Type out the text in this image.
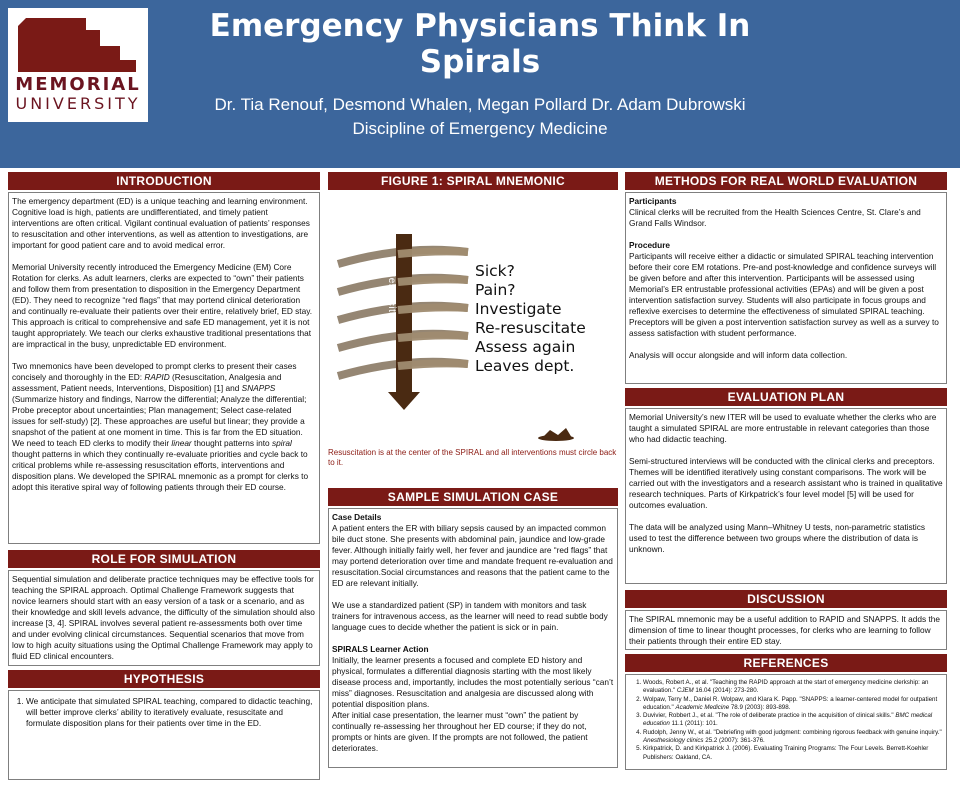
MEMORIAL
UNIVERSITY
Emergency Physicians Think In Spirals
Dr. Tia Renouf, Desmond Whalen, Megan Pollard Dr. Adam Dubrowski
Discipline of Emergency Medicine
INTRODUCTION

The emergency department (ED) is a unique teaching and learning environment. Cognitive load is high, patients are undifferentiated, and timely patient interventions are often critical. Vigilant continual evaluation of patients’ responses to resuscitation and other interventions, as well as attention to investigations, are important for good patient care and to avoid medical error.

Memorial University recently introduced the Emergency Medicine (EM) Core Rotation for clerks. As adult learners, clerks are expected to “own” their patients and follow them from presentation to disposition in the Emergency Department (ED). They need to recognize “red flags” that may portend clinical deterioration and continually re-evaluate their patients over their entire, relatively brief, ED stay. This approach is critical to comprehensive and safe ED management, yet it is not taught appropriately. We teach our clerks exhaustive traditional presentations that are impractical in the busy, unpredictable ED environment.

Two mnemonics have been developed to prompt clerks to present their cases concisely and thoroughly in the ED: RAPID (Resuscitation, Analgesia and assessment, Patient needs, Interventions, Disposition) [1] and SNAPPS (Summarize history and findings, Narrow the differential; Analyze the differential; Probe preceptor about uncertainties; Plan management; Select case-related issues for self-study) [2]. These approaches are useful but linear; they provide a snapshot of the patient at one moment in time. This is far from the ED situation. We need to teach ED clerks to modify their linear thought patterns into spiral thought patterns in which they continually re-evaluate priorities and cycle back to critical problems while re-assessing resuscitation efforts, interventions and disposition plans. We developed the SPIRAL mnemonic as a prompt for clerks to adopt this iterative spiral way of following patients through their ED course.

ROLE FOR SIMULATION

Sequential simulation and deliberate practice techniques may be effective tools for teaching the SPIRAL approach. Optimal Challenge Framework suggests that novice learners should start with an easy version of a task or a scenario, and as their knowledge and skill levels advance, the difficulty of the simulation should also increase [3, 4]. SPIRAL involves several patient re-assessments both over time and under evolving clinical circumstances. Sequential scenarios that move from low to high acuity situations using the Optimal Challenge Framework may apply to fluid ED clinical encounters.

HYPOTHESIS
1. We anticipate that simulated SPIRAL teaching, compared to didactic teaching, will better improve clerks’ ability to iteratively evaluate, resuscitate and formulate disposition plans for their patients over time in the ED.
FIGURE 1: SPIRAL MNEMONIC
Resuscitate	Sick?
Pain?
Investigate
Re-resuscitate
Assess again
Leaves dept.
Resuscitation is at the center of the SPIRAL and all interventions must circle back to it.
SAMPLE SIMULATION CASE

Case Details

A patient enters the ER with biliary sepsis caused by an impacted common bile duct stone. She presents with abdominal pain, jaundice and low-grade fever. Although initially fairly well, her fever and jaundice are “red flags” that may portend deterioration over time and mandate frequent re-evaluation and resuscitation.Social circumstances and reasons that the patient came to the ED are relevant initially.

We use a standardized patient (SP) in tandem with monitors and task trainers for intravenous access, as the learner will need to read subtle body language cues to decide whether the patient is sick or in pain.

SPIRALS Learner Action

Initially, the learner presents a focused and complete ED history and physical, formulates a differential diagnosis starting with the most likely disease process and, importantly, includes the most potentially serious “can’t miss” diagnoses. Resuscitation and analgesia are discussed along with potential disposition plans.

After initial case presentation, the learner must “own” the patient by continually re-assessing her throughout her ED course; if they do not, prompts or hints are given. If the prompts are not followed, the patient deteriorates.

METHODS FOR REAL WORLD EVALUATION

Participants

Clinical clerks will be recruited from the Health Sciences Centre, St. Clare’s and Grand Falls Windsor.

Procedure

Participants will receive either a didactic or simulated SPIRAL teaching intervention before their core EM rotations. Pre-and post-knowledge and confidence surveys will be given before and after this intervention. Participants will be assessed using Memorial’s ER entrustable professional activities (EPAs) and will be given a post intervention satisfaction survey. Students will also participate in focus groups and reflexive exercises to determine the effectiveness of simulated SPIRAL teaching.

Preceptors will be given a post intervention satisfaction survey as well as a survey to assess satisfaction with student performance.

Analysis will occur alongside and will inform data collection.

EVALUATION PLAN

Memorial University’s new ITER will be used to evaluate whether the clerks who are taught a simulated SPIRAL are more entrustable in relevant categories than those who had didactic teaching.

Semi-structured interviews will be conducted with the clinical clerks and preceptors. Themes will be identified iteratively using constant comparisons. The work will be carried out with the investigators and a research assistant who is trained in qualitative research techniques. Parts of Kirkpatrick’s four level model [5] will be used for outcomes evaluation.

The data will be analyzed using Mann–Whitney U tests, non-parametric statistics used to test the difference between two groups where the distribution of data is unknown.

DISCUSSION

The SPIRAL mnemonic may be a useful addition to RAPID and SNAPPS. It adds the dimension of time to linear thought processes, for clerks who are learning to follow their patients through their entire ED stay.

REFERENCES
1. Woods, Robert A., et al. "Teaching the RAPID approach at the start of emergency medicine clerkship: an evaluation." CJEM 16.04 (2014): 273-280.
2. Wolpaw, Terry M., Daniel R. Wolpaw, and Klara K. Papp. "SNAPPS: a learner-centered model for outpatient education." Academic Medicine 78.9 (2003): 893-898.
3. Duvivier, Robbert J., et al. "The role of deliberate practice in the acquisition of clinical skills." BMC medical education 11.1 (2011): 101.
4. Rudolph, Jenny W., et al. "Debriefing with good judgment: combining rigorous feedback with genuine inquiry." Anesthesiology clinics 25.2 (2007): 361-376.
5. Kirkpatrick, D. and Kirkpatrick J. (2006). Evaluating Training Programs: The Four Levels. Berrett-Koehler Publishers: Oakland, CA.
